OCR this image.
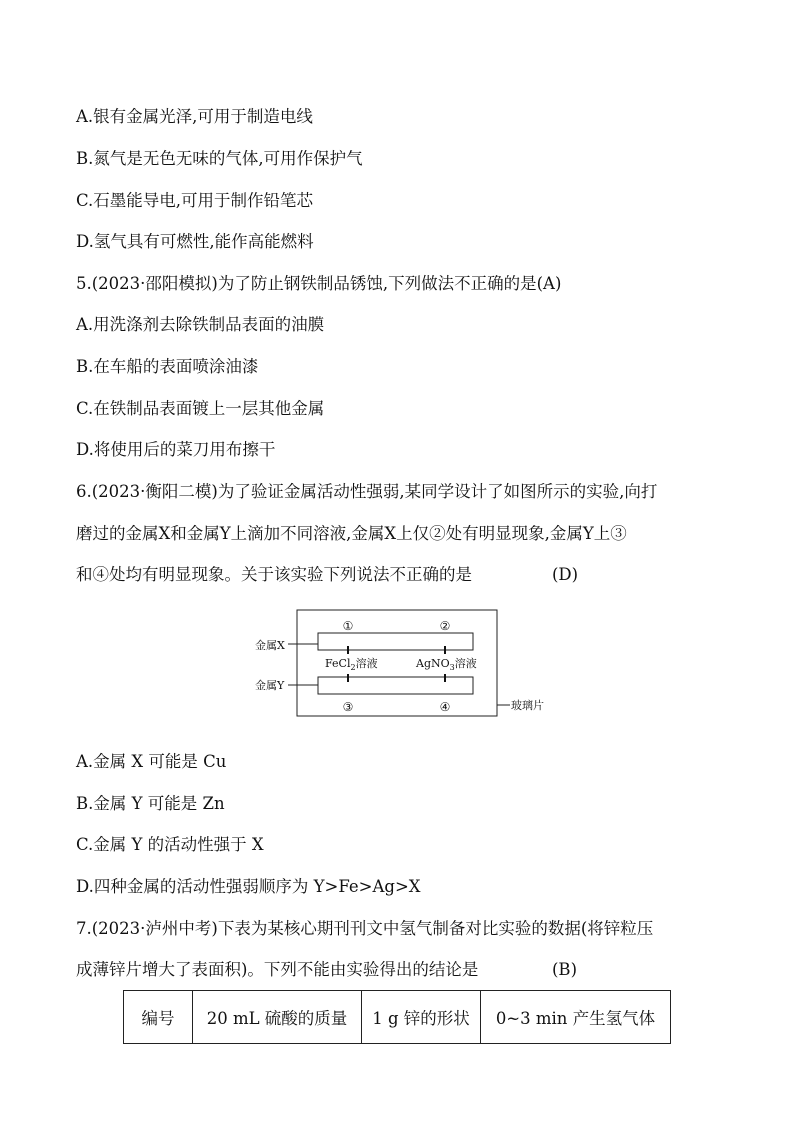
A.银有金属光泽,可用于制造电线
B.氮气是无色无味的气体,可用作保护气
C.石墨能导电,可用于制作铅笔芯
D.氢气具有可燃性,能作高能燃料
5.(2023·邵阳模拟)为了防止钢铁制品锈蚀,下列做法不正确的是(A)
A.用洗涤剂去除铁制品表面的油膜
B.在车船的表面喷涂油漆
C.在铁制品表面镀上一层其他金属
D.将使用后的菜刀用布擦干
6.(2023·衡阳二模)为了验证金属活动性强弱,某同学设计了如图所示的实验,向打
磨过的金属X和金属Y上滴加不同溶液,金属X上仅②处有明显现象,金属Y上③
和④处均有明显现象。关于该实验下列说法不正确的是	(D)
金属X
金属Y
①	②
③	④
FeCl$_2$溶液	AgNO$_3$溶液
玻璃片
A.金属 X 可能是 Cu
B.金属 Y 可能是 Zn
C.金属 Y 的活动性强于 X
D.四种金属的活动性强弱顺序为 Y>Fe>Ag>X
7.(2023·泸州中考)下表为某核心期刊刊文中氢气制备对比实验的数据(将锌粒压
成薄锌片增大了表面积)。下列不能由实验得出的结论是	(B)
编号	20 mL 硫酸的质量	1 g 锌的形状	0~3 min 产生氢气体
